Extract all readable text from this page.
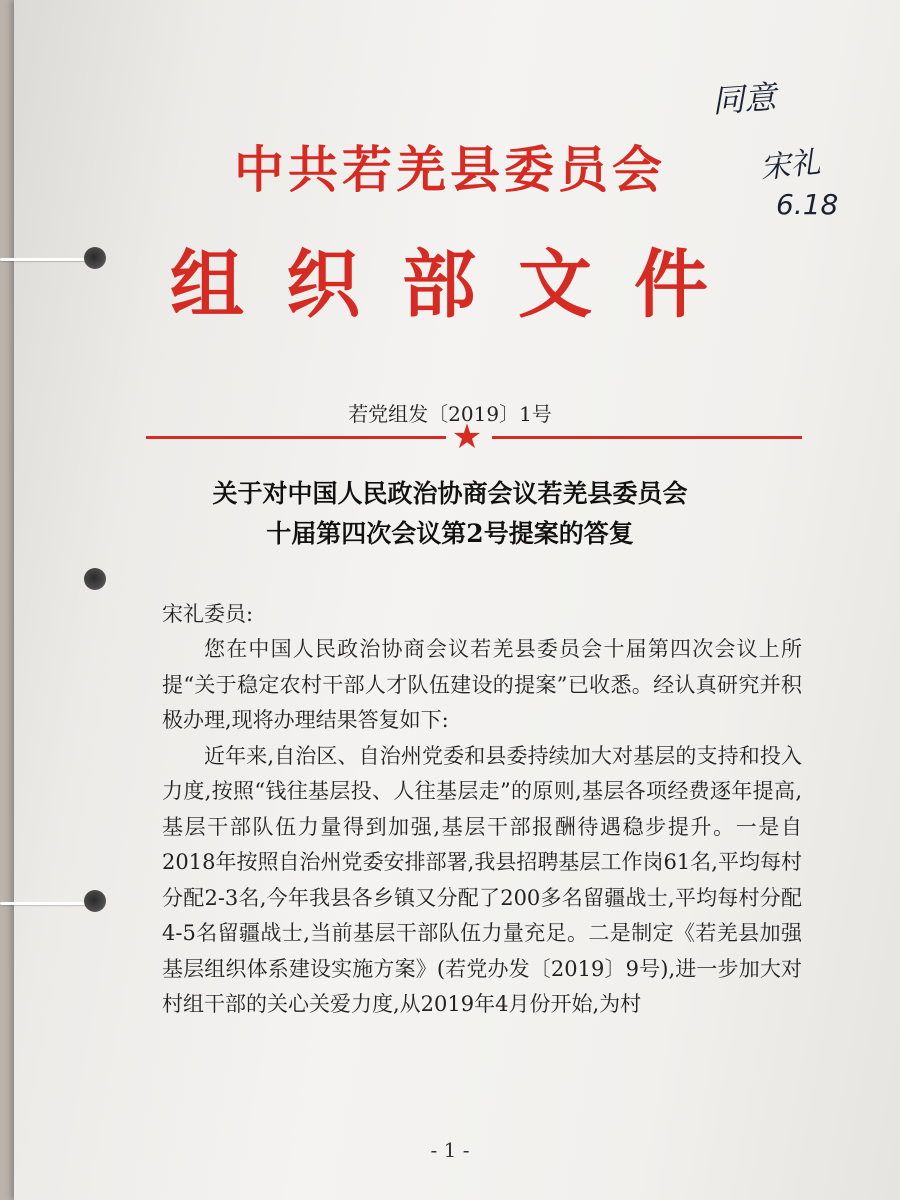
中共若羌县委员会
组织部文件
同意
宋礼
6.18
若党组发〔2019〕1号
★
关于对中国人民政治协商会议若羌县委员会
十届第四次会议第2号提案的答复
宋礼委员:

您在中国人民政治协商会议若羌县委员会十届第四次会议上所提“关于稳定农村干部人才队伍建设的提案”已收悉。经认真研究并积极办理,现将办理结果答复如下:

近年来,自治区、自治州党委和县委持续加大对基层的支持和投入力度,按照“钱往基层投、人往基层走”的原则,基层各项经费逐年提高,基层干部队伍力量得到加强,基层干部报酬待遇稳步提升。一是自2018年按照自治州党委安排部署,我县招聘基层工作岗61名,平均每村分配2-3名,今年我县各乡镇又分配了200多名留疆战士,平均每村分配4-5名留疆战士,当前基层干部队伍力量充足。二是制定《若羌县加强基层组织体系建设实施方案》(若党办发〔2019〕9号),进一步加大对村组干部的关心关爱力度,从2019年4月份开始,为村

- 1 -
